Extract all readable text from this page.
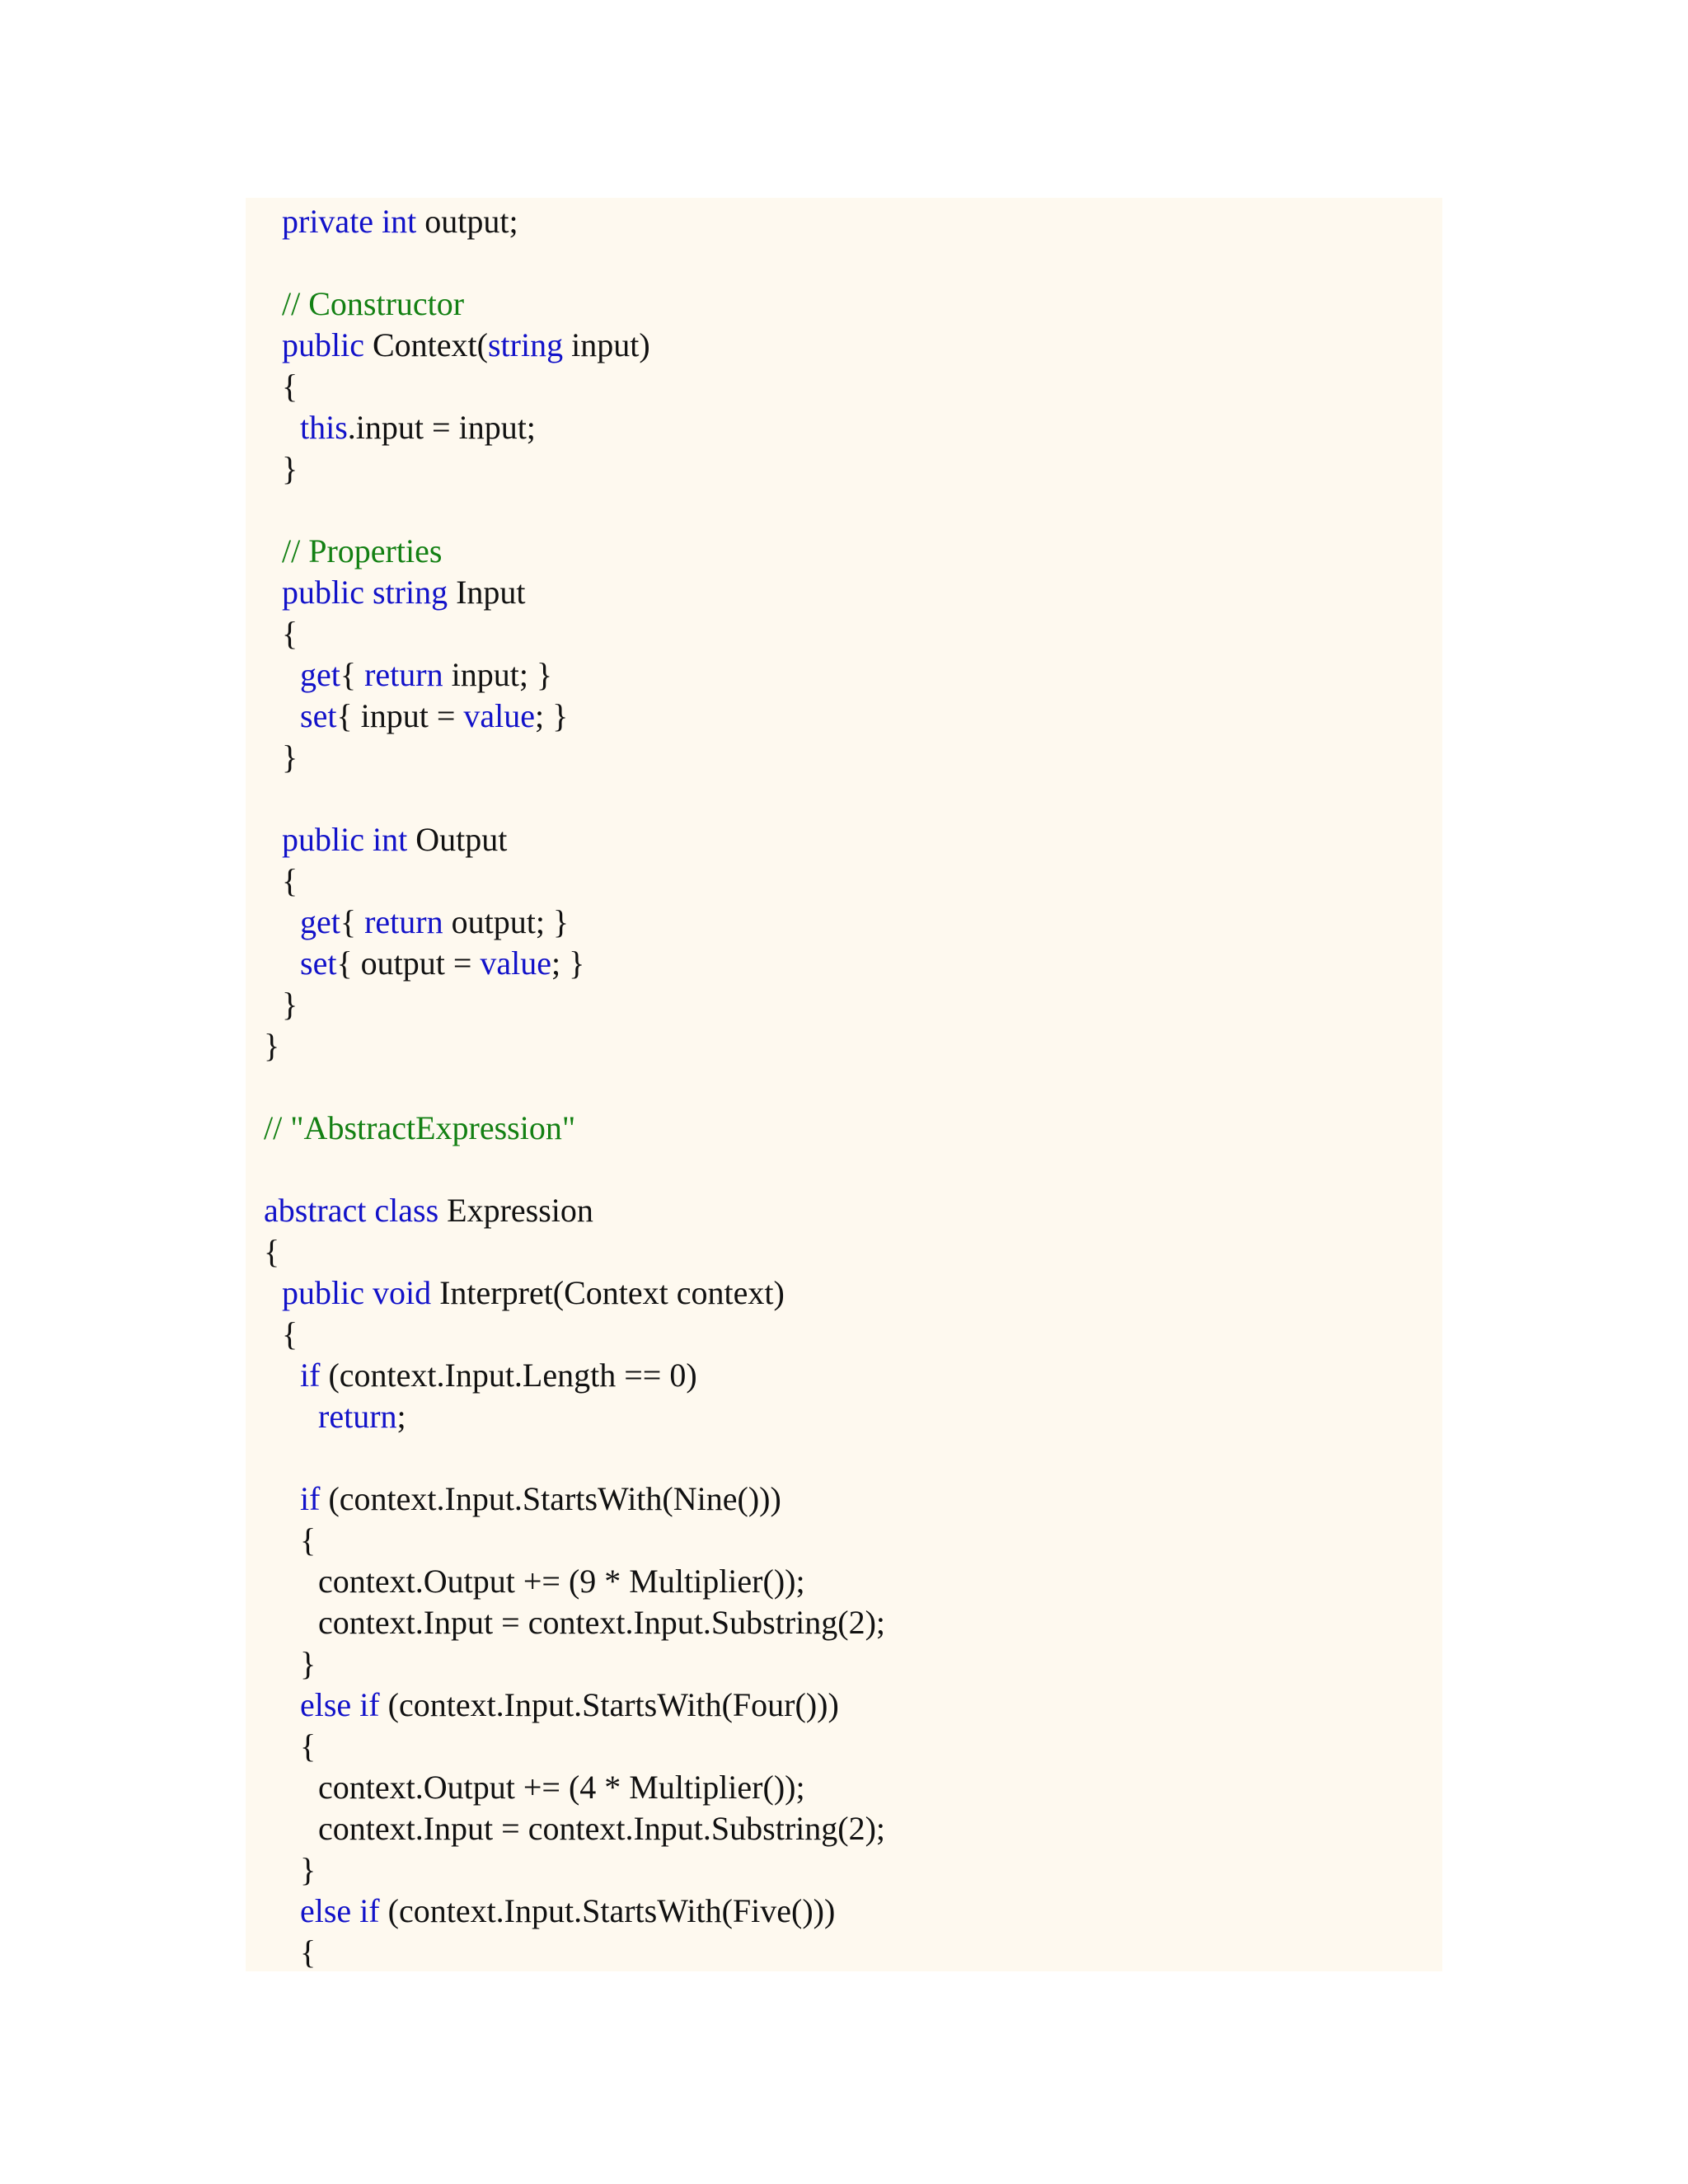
private int output;
// Constructor
public Context(string input)
{
this.input = input;
}
// Properties
public string Input
{
get{ return input; }
set{ input = value; }
}
public int Output
{
get{ return output; }
set{ output = value; }
}
}
// "AbstractExpression"
abstract class Expression
{
public void Interpret(Context context)
{
if (context.Input.Length == 0)
return;
if (context.Input.StartsWith(Nine()))
{
context.Output += (9 * Multiplier());
context.Input = context.Input.Substring(2);
}
else if (context.Input.StartsWith(Four()))
{
context.Output += (4 * Multiplier());
context.Input = context.Input.Substring(2);
}
else if (context.Input.StartsWith(Five()))
{
